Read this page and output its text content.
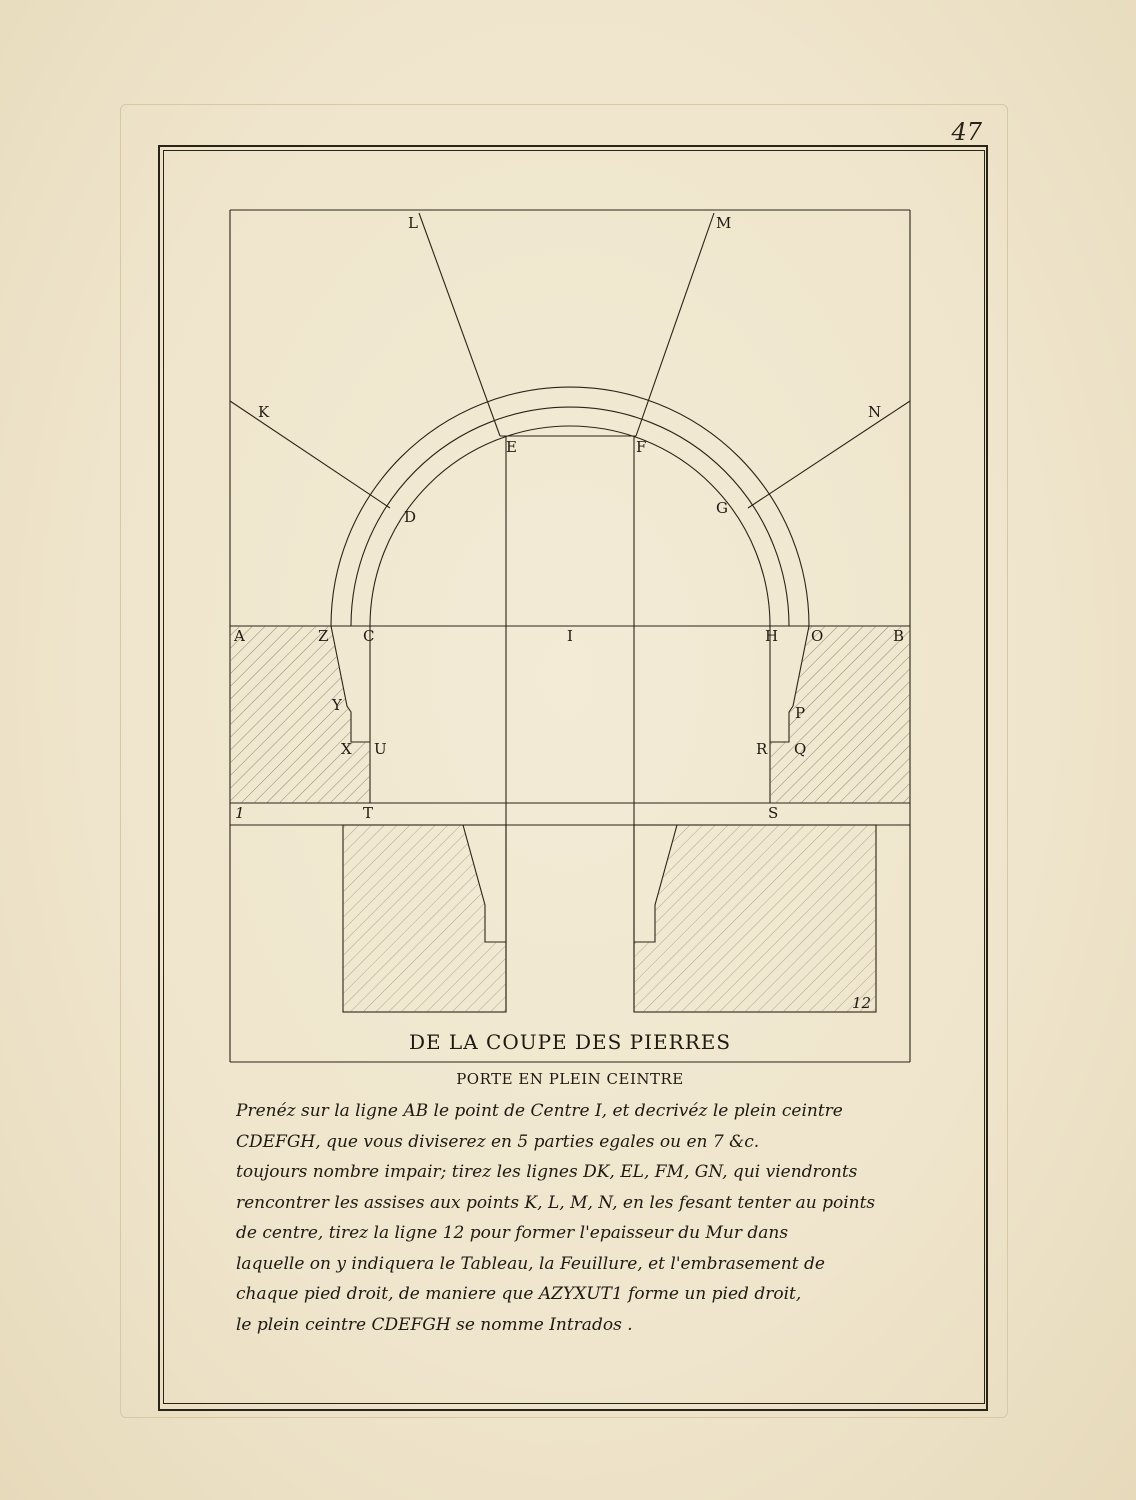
47
L	M
K	N
E	F
D	G
A	Z C	I	H O	B
Y	P
X U	R Q
1	T	S
12
DE LA COUPE DES PIERRES
PORTE EN PLEIN CEINTRE
Prenéz sur la ligne AB le point de Centre I, et decrivéz le plein ceintre
CDEFGH, que vous diviserez en 5 parties egales ou en 7 &c.
toujours nombre impair; tirez les lignes DK, EL, FM, GN, qui viendronts
rencontrer les assises aux points K, L, M, N, en les fesant tenter au points
de centre, tirez la ligne 12 pour former l'epaisseur du Mur dans
laquelle on y indiquera le Tableau, la Feuillure, et l'embrasement de
chaque pied droit, de maniere que AZYXUT1 forme un pied droit,
le plein ceintre CDEFGH se nomme Intrados .
